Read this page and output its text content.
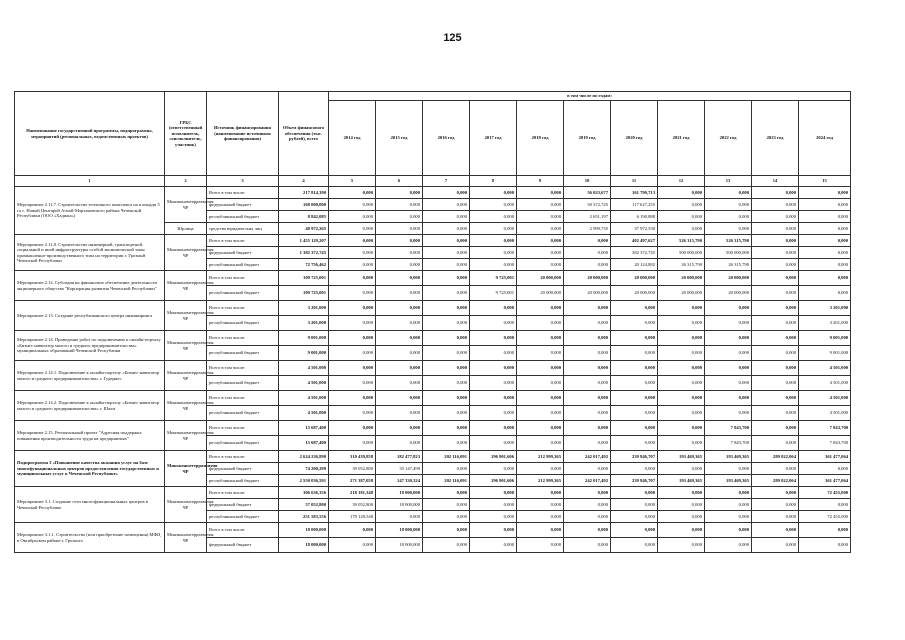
125
Наименование государственной программы, подпрограммы, мероприятий (региональных, ведомственных проектов)	ГРБС (ответственный исполнитель, соисполнитель, участник)	Источник финансирования (наименование источников финансирования)	Объем финансового обеспечения (тыс. рублей), всего	в том числе по годам:										
				2014 год	2015 год	2016 год	2017 год	2018 год	2019 год	2020 год	2021 год	2022 год	2023 год	2024 год
1	2	3	4	5	6	7	8	9	10	11	12	13	14	15
Мероприятие 2.11.7. Строительство тепличного комплекса на площади 5 га с. Новый Центарой Ачхой-Мартановского района Чеченской Республики (ООО «Хадижа»)	Минэкономтерразвития ЧР	Всего в том числе:	217 814,390	0,000	0,000	0,000	0,000	0,000	56 023,677	161 790,713	0,000	0,000	0,000	0,000
		федеральный бюджет	168 000,000	0,000	0,000	0,000	0,000	0,000	50 372,745	117 627,255	0,000	0,000	0,000	0,000
		республиканский бюджет	8 842,085	0,000	0,000	0,000	0,000	0,000	2 651,197	6 190,888	0,000	0,000	0,000	0,000
	Юрлица	средства юридических лиц	40 972,265	0,000	0,000	0,000	0,000	0,000	2 999,735	37 972,530	0,000	0,000	0,000	0,000
Мероприятие 2.11.8. Строительство инженерной, транспортной, социальной и иной инфраструктуры особой экономической зоны промышленно-производственного типа на территории г. Грозный Чеченской Республики	Минэкономтерразвития ЧР	Всего в том числе:	1 455 129,207	0,000	0,000	0,000	0,000	0,000	0,000	402 497,627	526 315,790	526 315,790	0,000	0,000
		федеральный бюджет	1 382 372,745	0,000	0,000	0,000	0,000	0,000	0,000	382 372,745	500 000,000	500 000,000	0,000	0,000
		республиканский бюджет	72 756,462	0,000	0,000	0,000	0,000	0,000	0,000	20 124,882	26 315,790	26 315,790	0,000	0,000
Мероприятие 2.12. Субсидия на финансовое обеспечение деятельности акционерного общества "Корпорация развития Чеченской Республики"	Минэкономтерразвития ЧР	Всего в том числе:	109 725,001	0,000	0,000	0,000	9 725,001	20 000,000	20 000,000	20 000,000	20 000,000	20 000,000	0,000	0,000
		республиканский бюджет	109 725,001	0,000	0,000	0,000	9 725,001	20 000,000	20 000,000	20 000,000	20 000,000	20 000,000	0,000	0,000
Мероприятие 2.13. Создание республиканского центра инжиниринга	Минэкономтерразвития ЧР	Всего в том числе:	3 201,000	0,000	0,000	0,000	0,000	0,000	0,000	0,000	0,000	0,000	0,000	3 201,000
		республиканский бюджет	3 201,000	0,000	0,000	0,000	0,000	0,000	0,000	0,000	0,000	0,000	0,000	3 201,000
Мероприятие 2.14. Проведение работ по подключению к онлайн-порталу «Бизнес-навигатор малого и среднего предпринимательства» муниципальных образований Чеченской Республики	Минэкономтерразвития ЧР	Всего в том числе:	9 001,000	0,000	0,000	0,000	0,000	0,000	0,000	0,000	0,000	0,000	0,000	9 001,000
		республиканский бюджет	9 001,000	0,000	0,000	0,000	0,000	0,000	0,000	0,000	0,000	0,000	0,000	9 001,000
Мероприятие 2.14.1. Подключение к онлайн-порталу «Бизнес-навигатор малого и среднего предпринимательства» г. Гудермес	Минэкономтерразвития ЧР	Всего в том числе:	4 501,000	0,000	0,000	0,000	0,000	0,000	0,000	0,000	0,000	0,000	0,000	4 501,000
		республиканский бюджет	4 501,000	0,000	0,000	0,000	0,000	0,000	0,000	0,000	0,000	0,000	0,000	4 501,000
Мероприятие 2.14.2. Подключение к онлайн-порталу «Бизнес-навигатор малого и среднего предпринимательства» г. Шали	Минэкономтерразвития ЧР	Всего в том числе:	4 501,000	0,000	0,000	0,000	0,000	0,000	0,000	0,000	0,000	0,000	0,000	4 501,000
		республиканский бюджет	4 501,000	0,000	0,000	0,000	0,000	0,000	0,000	0,000	0,000	0,000	0,000	4 501,000
Мероприятие 2.15. Региональный проект "Адресная поддержка повышения производительности труда на предприятиях"	Минэкономтерразвития ЧР	Всего в том числе:	15 687,400	0,000	0,000	0,000	0,000	0,000	0,000	0,000	0,000	7 843,700	0,000	7 843,700
		республиканский бюджет	15 687,400	0,000	0,000	0,000	0,000	0,000	0,000	0,000	0,000	7 843,700	0,000	7 843,700
Подпрограмма 3 «Повышение качества оказания услуг на базе многофункциональных центров предоставления государственных и муниципальных услуг в Чеченской Республике»	Минэкономтерразвития ЧР	Всего в том числе:	2 624 236,890	310 439,858	182 477,823	202 116,091	196 901,606	212 999,365	242 017,492	239 846,707	193 469,365	193 469,365	289 022,064	361 477,064
		федеральный бюджет	74 200,299	39 052,800	35 147,499	0,000	0,000	0,000	0,000	0,000	0,000	0,000	0,000	0,000
		республиканский бюджет	2 550 036,591	271 387,058	147 330,324	202 116,091	196 901,606	212 999,365	242 017,492	239 846,707	193 469,365	193 469,365	289 022,064	361 477,064
Мероприятие 3.1. Создание сети многофункциональных центров в Чеченской Республике	Минэкономтерразвития ЧР	Всего в том числе:	306 636,356	218 181,348	18 000,000	0,000	0,000	0,000	0,000	0,000	0,000	0,000	0,000	72 455,000
		федеральный бюджет	57 052,800	39 052,800	18 000,000	0,000	0,000	0,000	0,000	0,000	0,000	0,000	0,000	0,000
		республиканский бюджет	251 583,556	179 128,548	0,000	0,000	0,000	0,000	0,000	0,000	0,000	0,000	0,000	72 455,000
Мероприятие 3.1.1. Строительство (или приобретение помещения) МФЦ в Октябрьском районе г. Грозного	Минэкономтерразвития ЧР	Всего в том числе:	18 000,000	0,000	18 000,000	0,000	0,000	0,000	0,000	0,000	0,000	0,000	0,000	0,000
		федеральный бюджет	18 000,000	0,000	18 000,000	0,000	0,000	0,000	0,000	0,000	0,000	0,000	0,000	0,000
